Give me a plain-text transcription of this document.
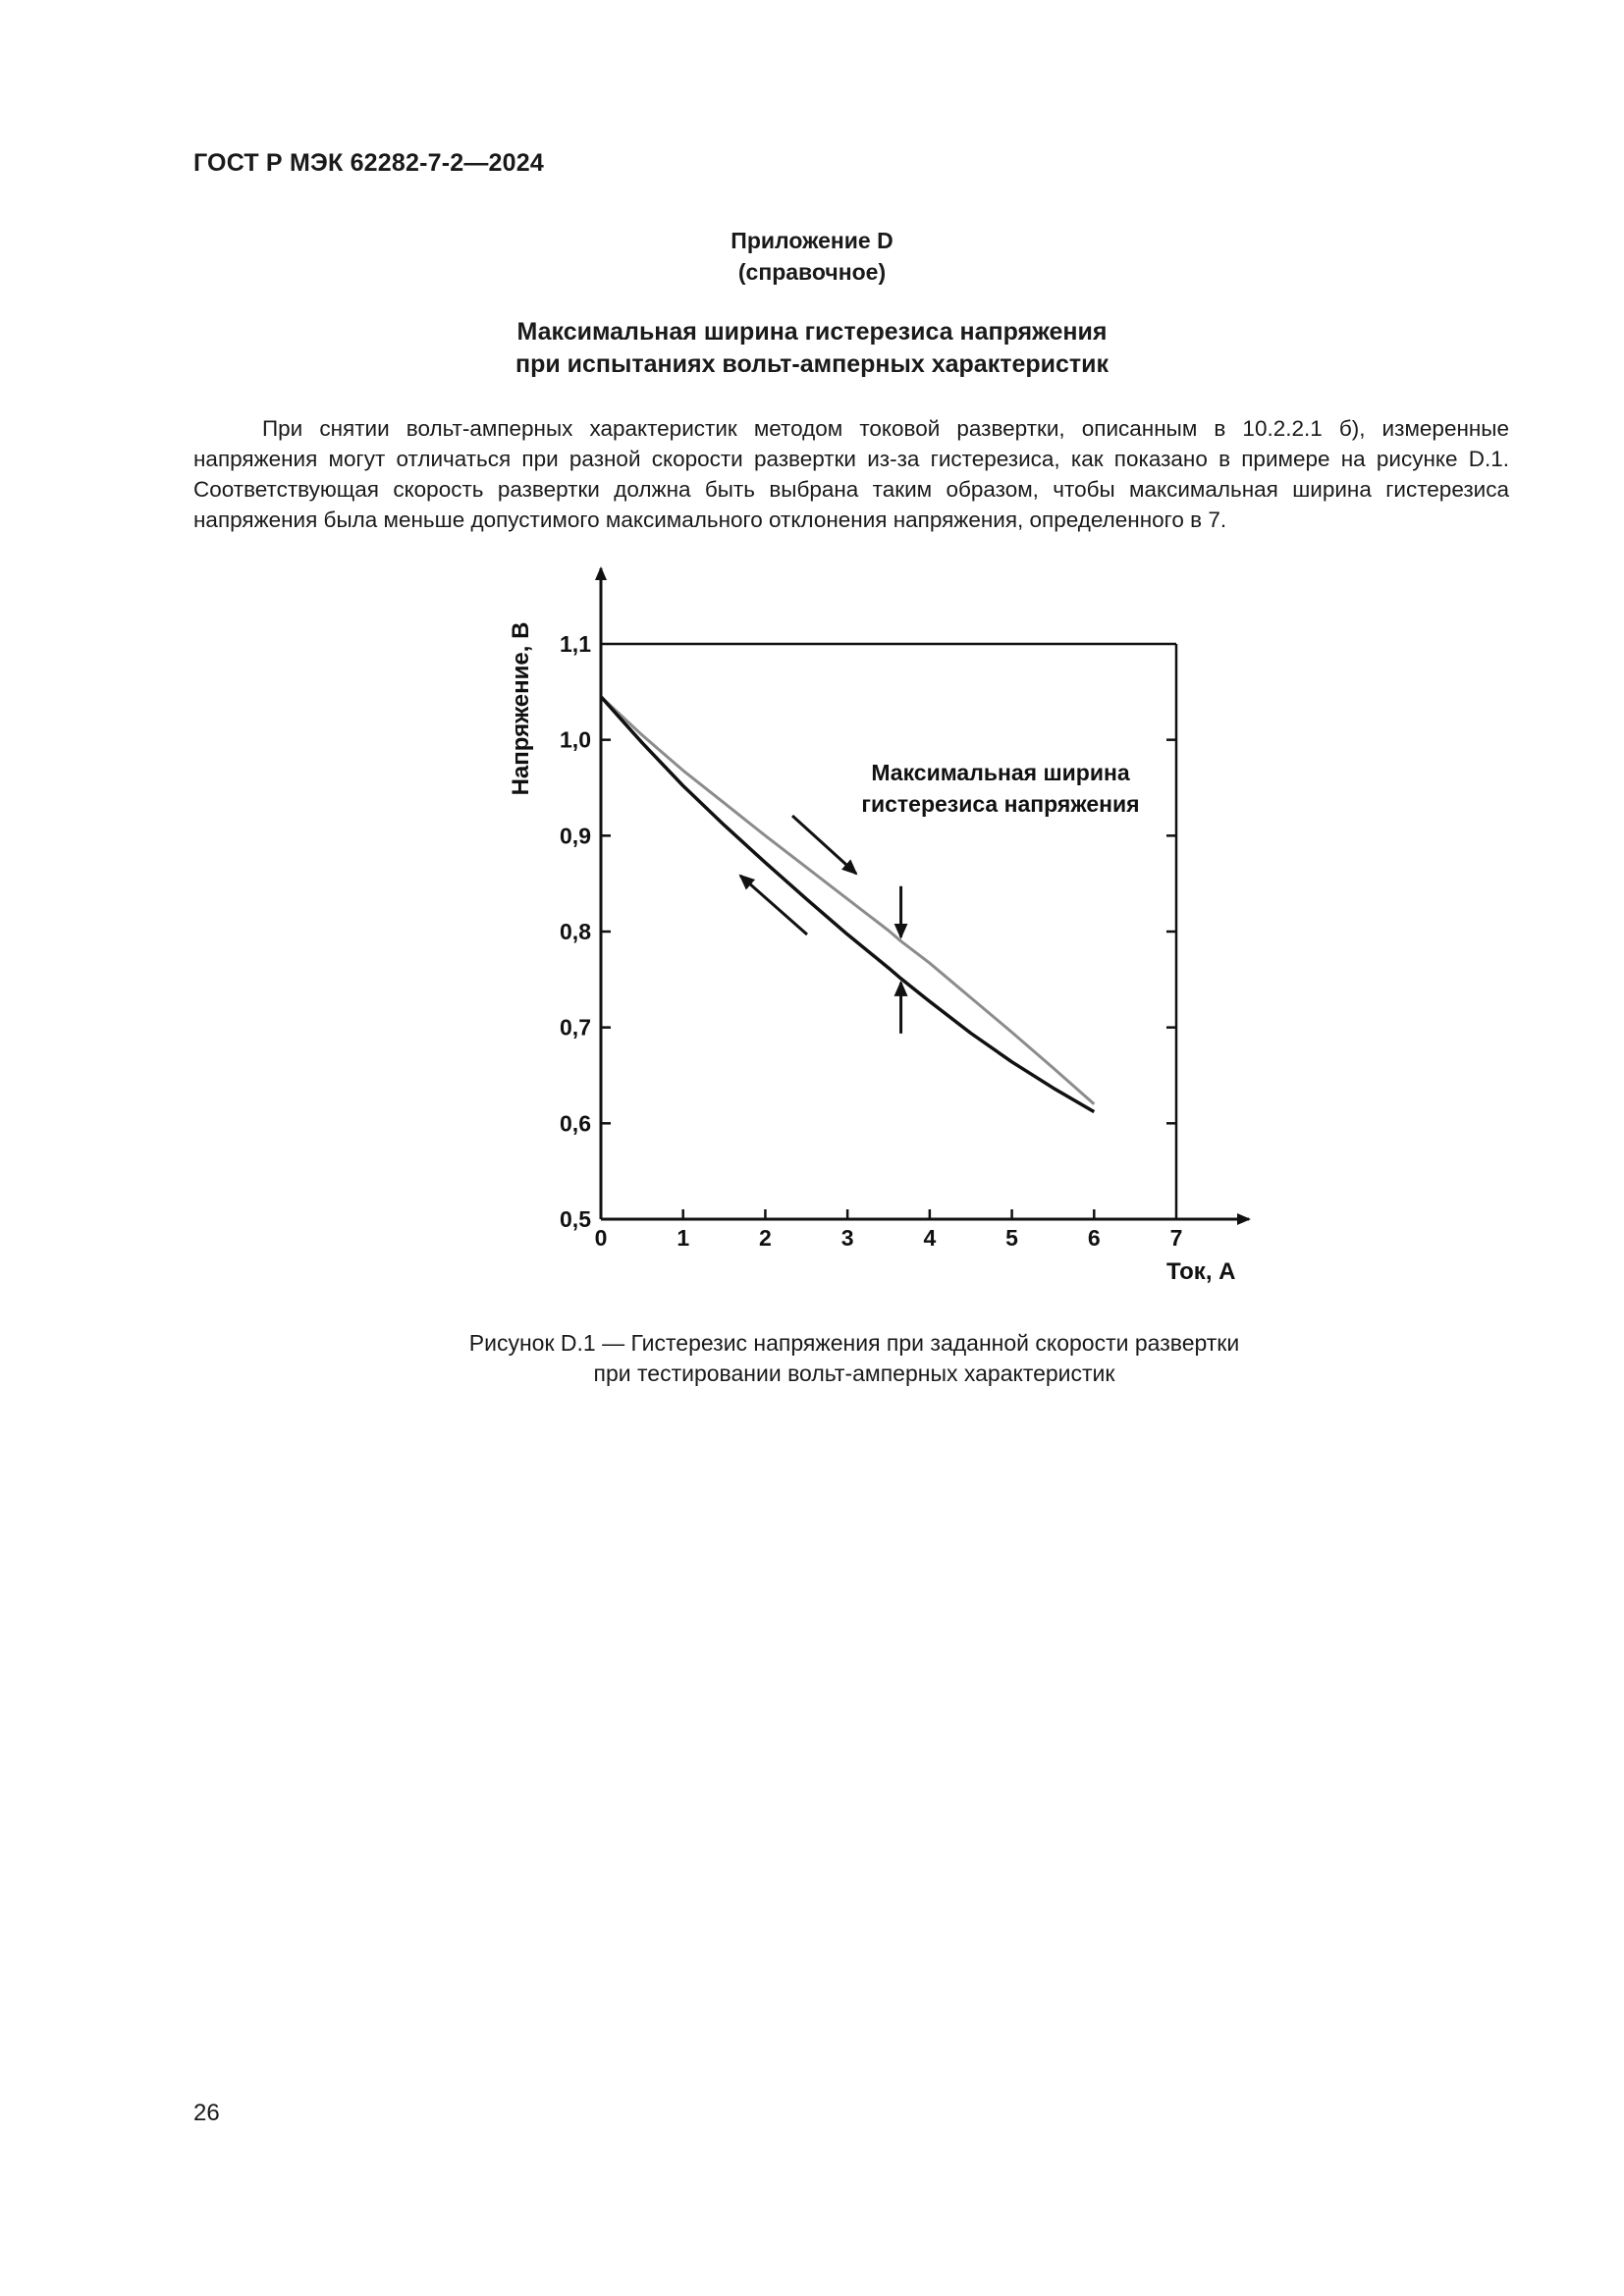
ГОСТ Р МЭК 62282-7-2—2024
Приложение D
(справочное)
Максимальная ширина гистерезиса напряжения
при испытаниях вольт-амперных характеристик
При снятии вольт-амперных характеристик методом токовой развертки, описанным в 10.2.2.1 б), измеренные напряжения могут отличаться при разной скорости развертки из-за гистерезиса, как показано в примере на рисунке D.1. Соответствующая скорость развертки должна быть выбрана таким образом, чтобы максимальная ширина гистерезиса напряжения была меньше допустимого максимального отклонения напряжения, определенного в 7.
0	1	2	3	4	5	6	7
0,5
0,6
0,7
0,8
0,9
1,0
1,1
Ток, А
Напряжение, В	Максимальная ширина
гистерезиса напряжения
Рисунок D.1 — Гистерезис напряжения при заданной скорости развертки
при тестировании вольт-амперных характеристик
26
